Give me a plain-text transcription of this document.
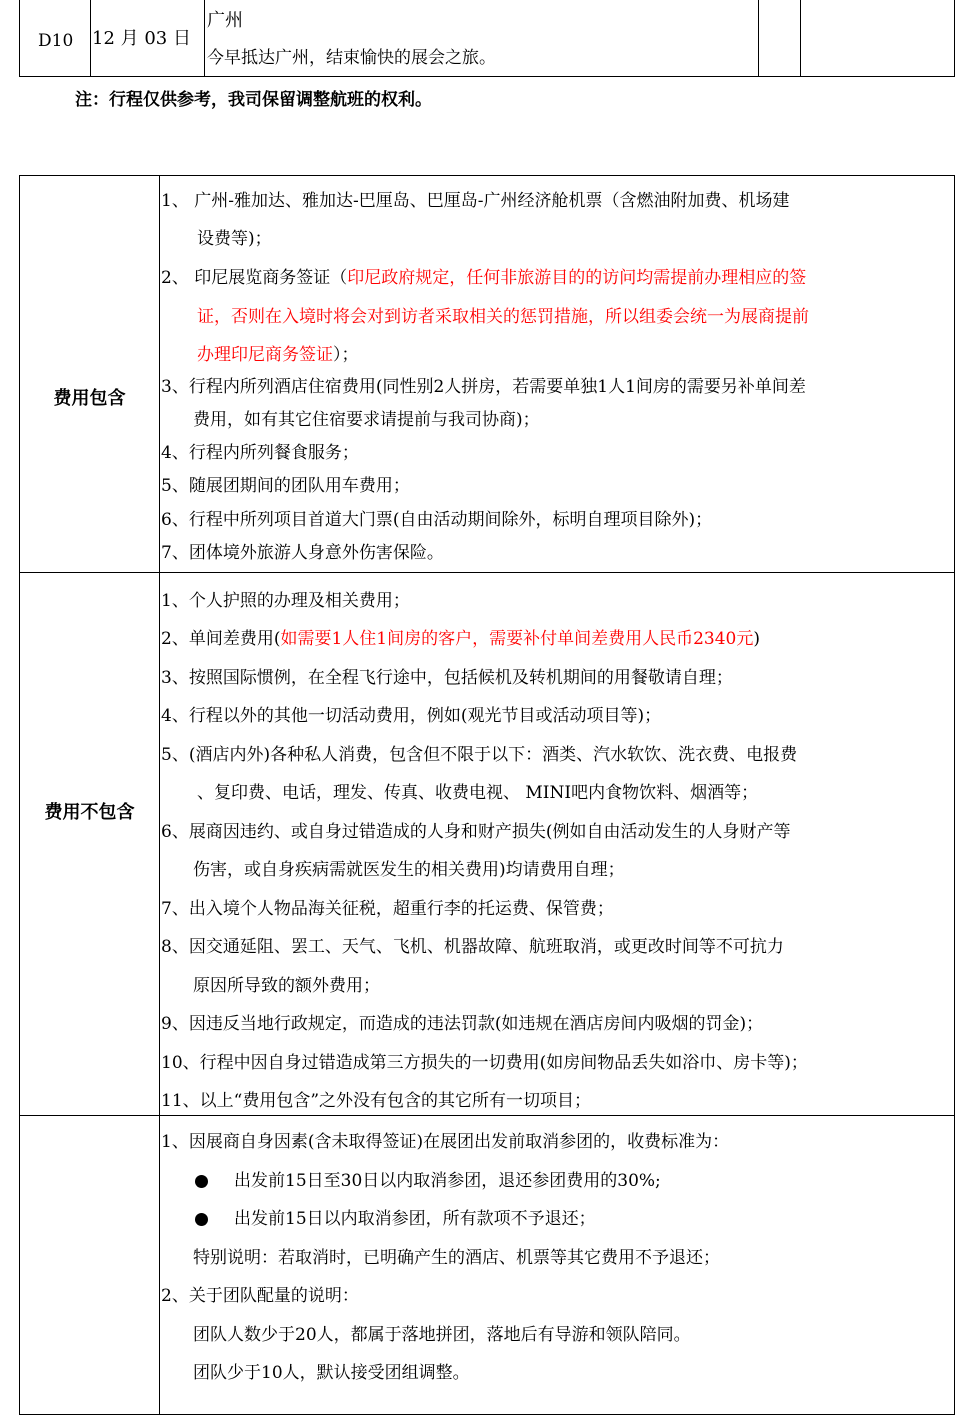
D10 12 月 03 日
广州
今早抵达广州，结束愉快的展会之旅。
注：行程仅供参考，我司保留调整航班的权利。
费用包含
1、 广州-雅加达、雅加达-巴厘岛、巴厘岛-广州经济舱机票（含燃油附加费、机场建
设费等)；
2、 印尼展览商务签证（印尼政府规定，任何非旅游目的的访问均需提前办理相应的签
证，否则在入境时将会对到访者采取相关的惩罚措施，所以组委会统一为展商提前
办理印尼商务签证）；
3、行程内所列酒店住宿费用(同性别2人拼房，若需要单独1人1间房的需要另补单间差
费用，如有其它住宿要求请提前与我司协商)；
4、行程内所列餐食服务；
5、随展团期间的团队用车费用；
6、行程中所列项目首道大门票(自由活动期间除外，标明自理项目除外)；
7、团体境外旅游人身意外伤害保险。
费用不包含
1、个人护照的办理及相关费用；
2、单间差费用(如需要1人住1间房的客户，需要补付单间差费用人民币2340元)
3、按照国际惯例，在全程飞行途中，包括候机及转机期间的用餐敬请自理；
4、行程以外的其他一切活动费用，例如(观光节目或活动项目等)；
5、(酒店内外)各种私人消费，包含但不限于以下：酒类、汽水软饮、洗衣费、电报费
、复印费、电话，理发、传真、收费电视、 MINI吧内食物饮料、烟酒等；
6、展商因违约、或自身过错造成的人身和财产损失(例如自由活动发生的人身财产等
伤害，或自身疾病需就医发生的相关费用)均请费用自理；
7、出入境个人物品海关征税，超重行李的托运费、保管费；
8、因交通延阻、罢工、天气、飞机、机器故障、航班取消，或更改时间等不可抗力
原因所导致的额外费用；
9、因违反当地行政规定，而造成的违法罚款(如违规在酒店房间内吸烟的罚金)；
10、行程中因自身过错造成第三方损失的一切费用(如房间物品丢失如浴巾、房卡等)；
11、以上“费用包含”之外没有包含的其它所有一切项目；
1、因展商自身因素(含未取得签证)在展团出发前取消参团的，收费标准为：
出发前15日至30日以内取消参团，退还参团费用的30%;
出发前15日以内取消参团，所有款项不予退还；
特别说明：若取消时，已明确产生的酒店、机票等其它费用不予退还；
2、关于团队配量的说明：
团队人数少于20人，都属于落地拼团，落地后有导游和领队陪同。
团队少于10人，默认接受团组调整。
